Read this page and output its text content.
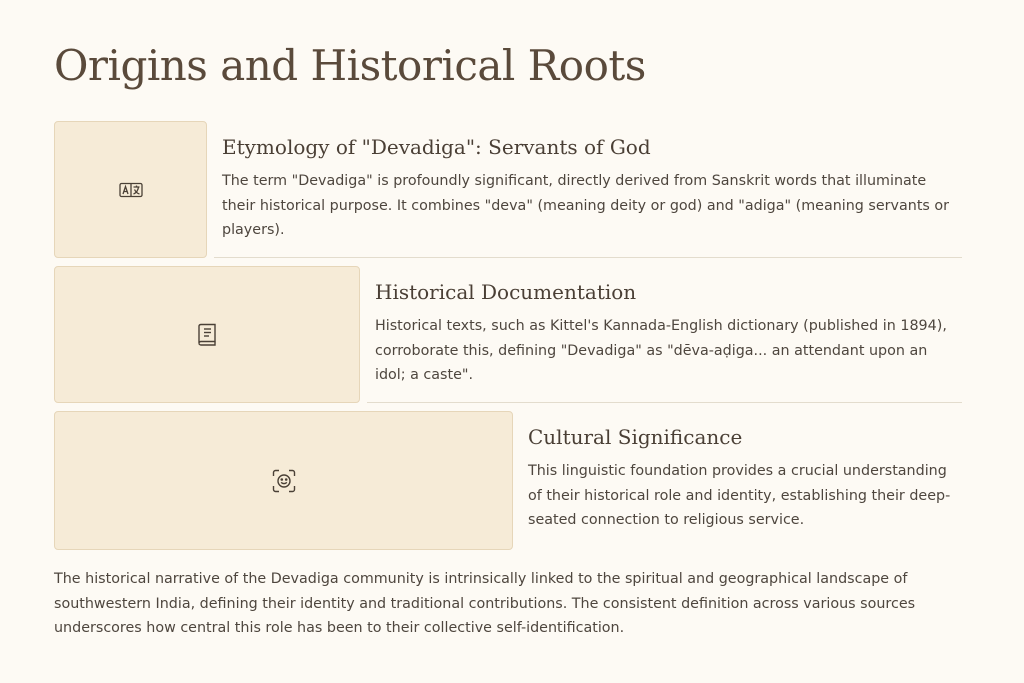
Origins and Historical Roots
Etymology of "Devadiga": Servants of God

The term "Devadiga" is profoundly significant, directly derived from Sanskrit words that illuminate their historical purpose. It combines "deva" (meaning deity or god) and "adiga" (meaning servants or players).

Historical Documentation

Historical texts, such as Kittel's Kannada-English dictionary (published in 1894), corroborate this, defining "Devadiga" as "dēva-aḍiga... an attendant upon an idol; a caste".

Cultural Significance

This linguistic foundation provides a crucial understanding of their historical role and identity, establishing their deep-seated connection to religious service.

The historical narrative of the Devadiga community is intrinsically linked to the spiritual and geographical landscape of southwestern India, defining their identity and traditional contributions. The consistent definition across various sources underscores how central this role has been to their collective self-identification.
